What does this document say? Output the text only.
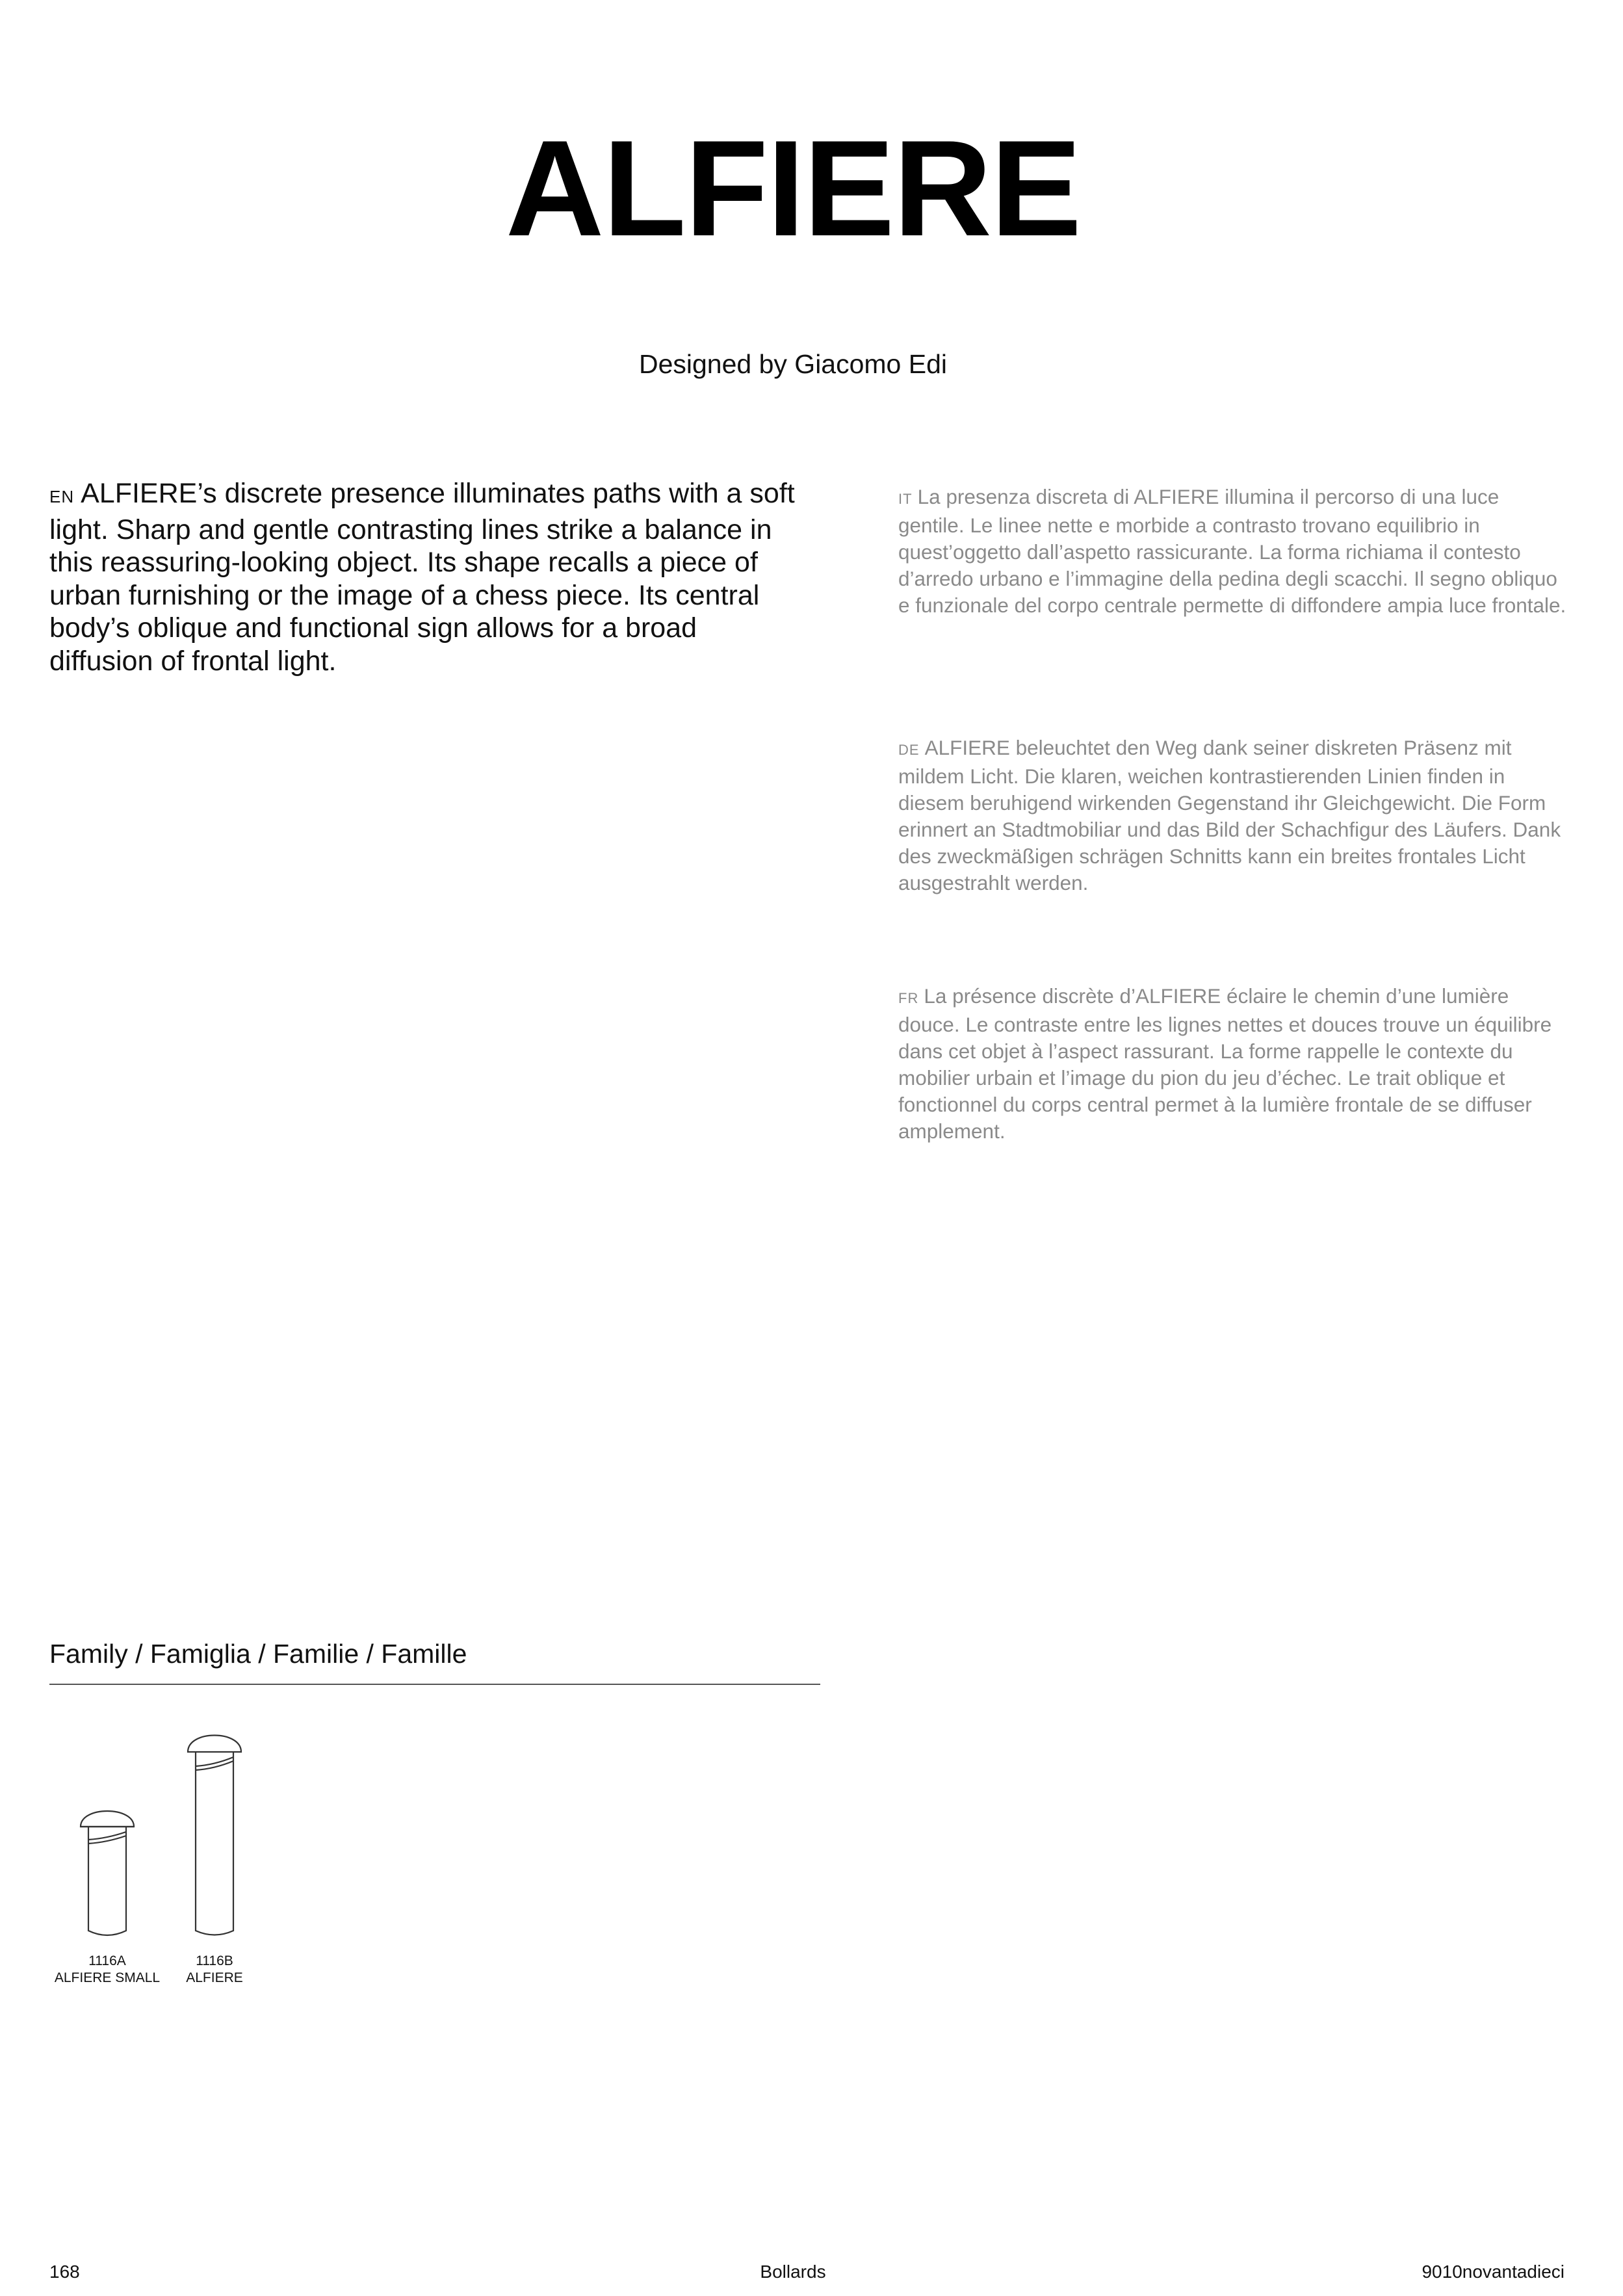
ALFIERE
Designed by Giacomo Edi
EN ALFIERE’s discrete presence illuminates paths with a soft light. Sharp and gentle contrasting lines strike a balance in this reassuring-looking object. Its shape recalls a piece of urban furnishing or the image of a chess piece. Its central body’s oblique and functional sign allows for a broad diffusion of frontal light.
IT La presenza discreta di ALFIERE illumina il percorso di una luce gentile. Le linee nette e morbide a contrasto trovano equilibrio in quest’oggetto dall’aspetto rassicurante. La forma richiama il contesto d’arredo urbano e l’immagine della pedina degli scacchi. Il segno obliquo e funzionale del corpo centrale permette di diffondere ampia luce frontale.
DE ALFIERE beleuchtet den Weg dank seiner diskreten Präsenz mit mildem Licht. Die klaren, weichen kontrastierenden Linien finden in diesem beruhigend wirkenden Gegenstand ihr Gleichgewicht. Die Form erinnert an Stadtmobiliar und das Bild der Schachfigur des Läufers. Dank des zweckmäßigen schrägen Schnitts kann ein breites frontales Licht ausgestrahlt werden.
FR La présence discrète d’ALFIERE éclaire le chemin d’une lumière douce. Le contraste entre les lignes nettes et douces trouve un équilibre dans cet objet à l’aspect rassurant. La forme rappelle le contexte du mobilier urbain et l’image du pion du jeu d’échec. Le trait oblique et fonctionnel du corps central permet à la lumière frontale de se diffuser amplement.
Family / Famiglia / Familie / Famille
1116A
ALFIERE SMALL
1116B
ALFIERE
168	Bollards	9010novantadieci
